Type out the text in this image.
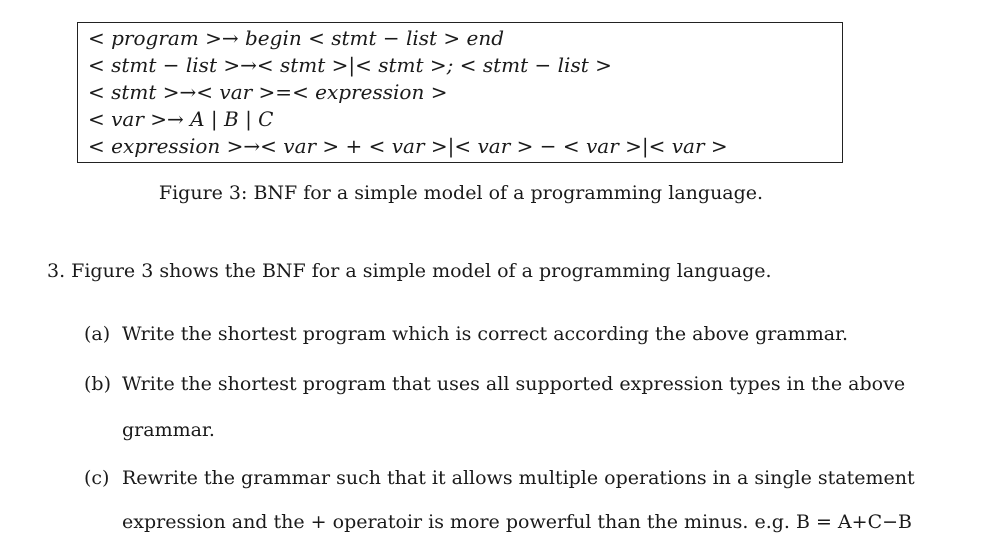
< program >→ begin < stmt − list > end
< stmt − list >→< stmt >|< stmt >; < stmt − list >
< stmt >→< var >=< expression >
< var >→ A | B | C
< expression >→< var > + < var >|< var > − < var >|< var >
Figure 3: BNF for a simple model of a programming language.
3. Figure 3 shows the BNF for a simple model of a programming language.
(a) Write the shortest program which is correct according the above grammar.
(b) Write the shortest program that uses all supported expression types in the above
grammar.
(c) Rewrite the grammar such that it allows multiple operations in a single statement
expression and the + operatoir is more powerful than the minus. e.g. B = A+C−B
